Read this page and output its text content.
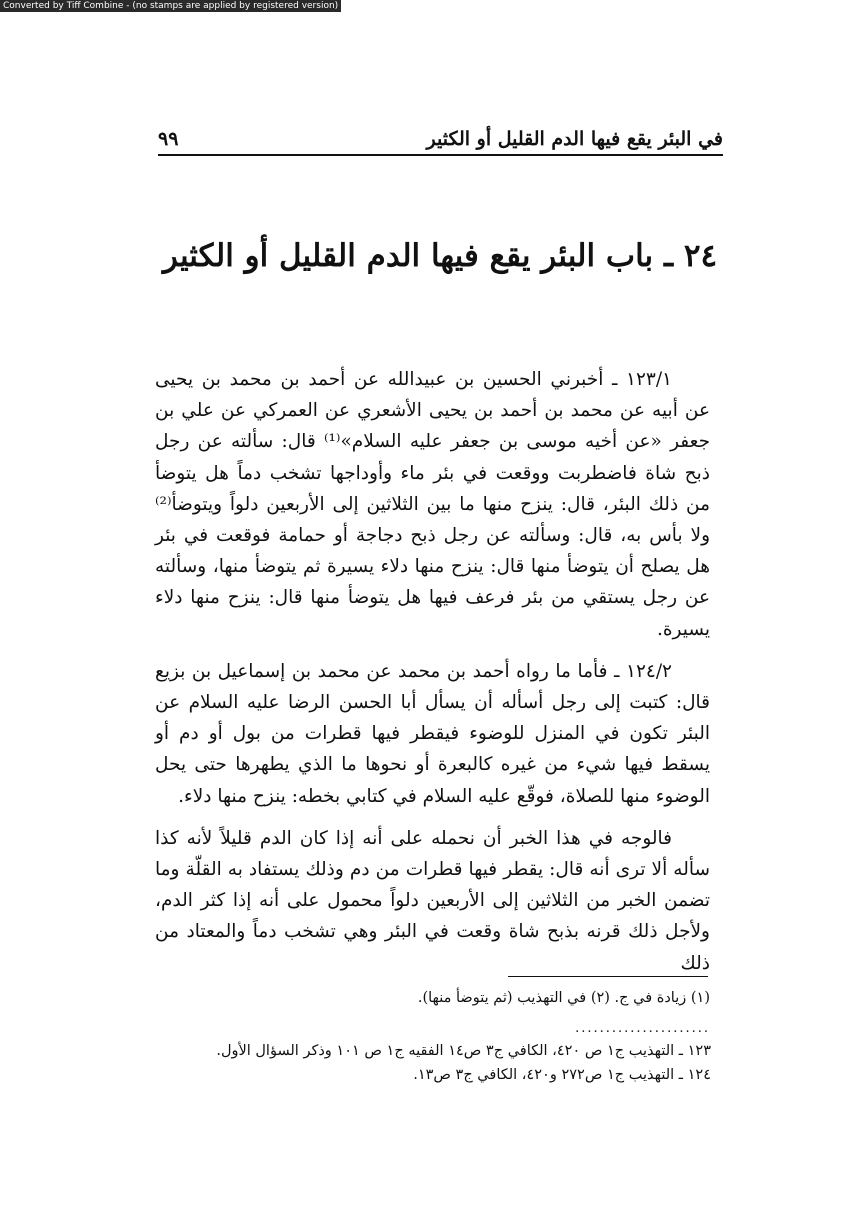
Converted by Tiff Combine - (no stamps are applied by registered version)
في البئر يقع فيها الدم القليل أو الكثير
٩٩
٢٤ ـ باب البئر يقع فيها الدم القليل أو الكثير

١٢٣/١ ـ أخبرني الحسين بن عبيدالله عن أحمد بن محمد بن يحيى عن أبيه عن محمد بن أحمد بن يحيى الأشعري عن العمركي عن علي بن جعفر «عن أخيه موسى بن جعفر عليه السلام»⁽¹⁾ قال: سألته عن رجل ذبح شاة فاضطربت ووقعت في بئر ماء وأوداجها تشخب دماً هل يتوضأ من ذلك البئر، قال: ينزح منها ما بين الثلاثين إلى الأربعين دلواً ويتوضأ⁽²⁾ ولا بأس به، قال: وسألته عن رجل ذبح دجاجة أو حمامة فوقعت في بئر هل يصلح أن يتوضأ منها قال: ينزح منها دلاء يسيرة ثم يتوضأ منها، وسألته عن رجل يستقي من بئر فرعف فيها هل يتوضأ منها قال: ينزح منها دلاء يسيرة.

١٢٤/٢ ـ فأما ما رواه أحمد بن محمد عن محمد بن إسماعيل بن بزيع قال: كتبت إلى رجل أسأله أن يسأل أبا الحسن الرضا عليه السلام عن البئر تكون في المنزل للوضوء فيقطر فيها قطرات من بول أو دم أو يسقط فيها شيء من غيره كالبعرة أو نحوها ما الذي يطهرها حتى يحل الوضوء منها للصلاة، فوقّع عليه السلام في كتابي بخطه: ينزح منها دلاء.

فالوجه في هذا الخبر أن نحمله على أنه إذا كان الدم قليلاً لأنه كذا سأله ألا ترى أنه قال: يقطر فيها قطرات من دم وذلك يستفاد به القلّة وما تضمن الخبر من الثلاثين إلى الأربعين دلواً محمول على أنه إذا كثر الدم، ولأجل ذلك قرنه بذبح شاة وقعت في البئر وهي تشخب دماً والمعتاد من ذلك

(١) زيادة في ج. (٢) في التهذيب (ثم يتوضأ منها).
......................
١٢٣ ـ التهذيب ج١ ص ٤٢٠، الكافي ج٣ ص١٤ الفقيه ج١ ص ١٠١ وذكر السؤال الأول.
١٢٤ ـ التهذيب ج١ ص٢٧٢ و٤٢٠، الكافي ج٣ ص١٣.
